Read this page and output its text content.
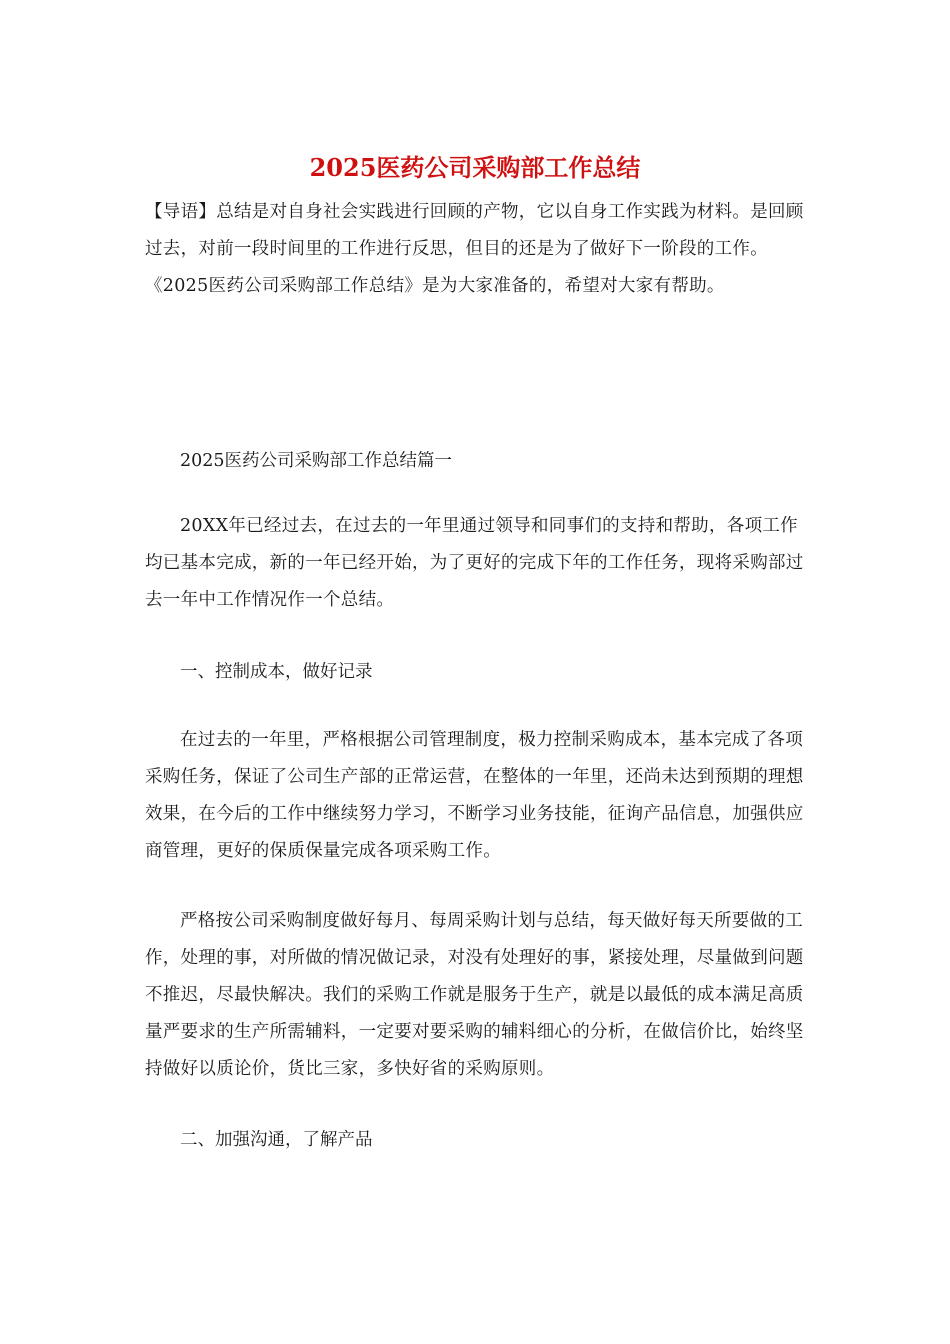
2025医药公司采购部工作总结

【导语】总结是对自身社会实践进行回顾的产物，它以自身工作实践为材料。是回顾过去，对前一段时间里的工作进行反思，但目的还是为了做好下一阶段的工作。《2025医药公司采购部工作总结》是为大家准备的，希望对大家有帮助。

2025医药公司采购部工作总结篇一

20XX年已经过去，在过去的一年里通过领导和同事们的支持和帮助，各项工作均已基本完成，新的一年已经开始，为了更好的完成下年的工作任务，现将采购部过去一年中工作情况作一个总结。

一、控制成本，做好记录

在过去的一年里，严格根据公司管理制度，极力控制采购成本，基本完成了各项采购任务，保证了公司生产部的正常运营，在整体的一年里，还尚未达到预期的理想效果，在今后的工作中继续努力学习，不断学习业务技能，征询产品信息，加强供应商管理，更好的保质保量完成各项采购工作。

严格按公司采购制度做好每月、每周采购计划与总结，每天做好每天所要做的工作，处理的事，对所做的情况做记录，对没有处理好的事，紧接处理，尽量做到问题不推迟，尽最快解决。我们的采购工作就是服务于生产，就是以最低的成本满足高质量严要求的生产所需辅料，一定要对要采购的辅料细心的分析，在做信价比，始终坚持做好以质论价，货比三家，多快好省的采购原则。

二、加强沟通，了解产品
